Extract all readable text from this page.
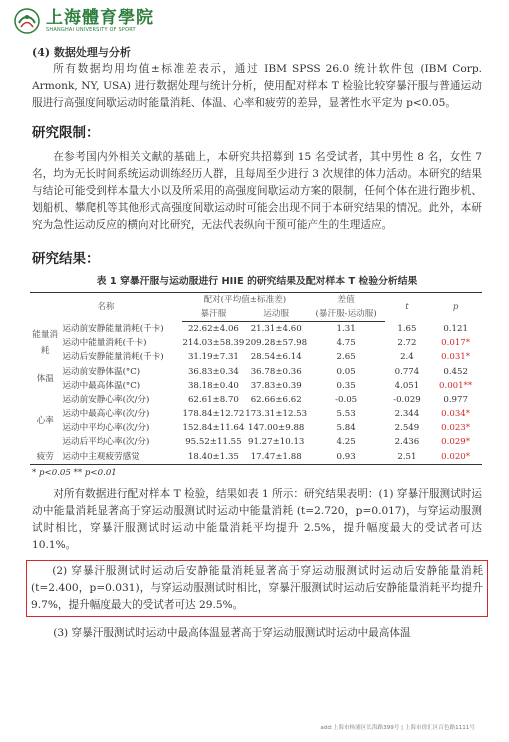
上海體育學院
SHANGHAI UNIVERSITY OF SPORT
(4) 数据处理与分析

所有数据均用均值±标准差表示，通过 IBM SPSS 26.0 统计软件包 (IBM Corp. Armonk, NY, USA) 进行数据处理与统计分析，使用配对样本 T 检验比较穿暴汗服与普通运动服进行高强度间歇运动时能量消耗、体温、心率和疲劳的差异，显著性水平定为 p<0.05。

研究限制：

在参考国内外相关文献的基础上，本研究共招募到 15 名受试者，其中男性 8 名，女性 7 名，均为无长时间系统运动训练经历人群，且每周至少进行 3 次规律的体力活动。本研究的结果与结论可能受到样本量大小以及所采用的高强度间歇运动方案的限制，任何个体在进行跑步机、划船机、攀爬机等其他形式高强度间歇运动时可能会出现不同于本研究结果的情况。此外，本研究为急性运动反应的横向对比研究，无法代表纵向干预可能产生的生理适应。

研究结果：
表 1 穿暴汗服与运动服进行 HIIE 的研究结果及配对样本 T 检验分析结果
名称		配对(平均值±标准差)		差值	t	p
		暴汗服	运动服	(暴汗服-运动服)		
能量消耗	运动前安静能量消耗(千卡)	22.62±4.06	21.31±4.60	1.31	1.65	0.121
	运动中能量消耗(千卡)	214.03±58.39	209.28±57.98	4.75	2.72	0.017*
	运动后安静能量消耗(千卡)	31.19±7.31	28.54±6.14	2.65	2.4	0.031*
体温	运动前安静体温(°C)	36.83±0.34	36.78±0.36	0.05	0.774	0.452
	运动中最高体温(°C)	38.18±0.40	37.83±0.39	0.35	4.051	0.001**
心率	运动前安静心率(次/分)	62.61±8.70	62.66±6.62	-0.05	-0.029	0.977
	运动中最高心率(次/分)	178.84±12.72	173.31±12.53	5.53	2.344	0.034*
	运动中平均心率(次/分)	152.84±11.64	147.00±9.88	5.84	2.549	0.023*
	运动后平均心率(次/分)	95.52±11.55	91.27±10.13	4.25	2.436	0.029*
疲劳	运动中主观疲劳感觉	18.40±1.35	17.47±1.88	0.93	2.51	0.020*
* p<0.05 ** p<0.01

对所有数据进行配对样本 T 检验，结果如表 1 所示：研究结果表明：(1) 穿暴汗服测试时运动中能量消耗显著高于穿运动服测试时运动中能量消耗 (t=2.720，p=0.017)，与穿运动服测试时相比，穿暴汗服测试时运动中能量消耗平均提升 2.5%，提升幅度最大的受试者可达 10.1%。

(2) 穿暴汗服测试时运动后安静能量消耗显著高于穿运动服测试时运动后安静能量消耗 (t=2.400，p=0.031)，与穿运动服测试时相比，穿暴汗服测试时运动后安静能量消耗平均提升 9.7%，提升幅度最大的受试者可达 29.5%。

(3) 穿暴汗服测试时运动中最高体温显著高于穿运动服测试时运动中最高体温

add:上海市杨浦区长海路399号 | 上海市徐汇区百色路1111号
